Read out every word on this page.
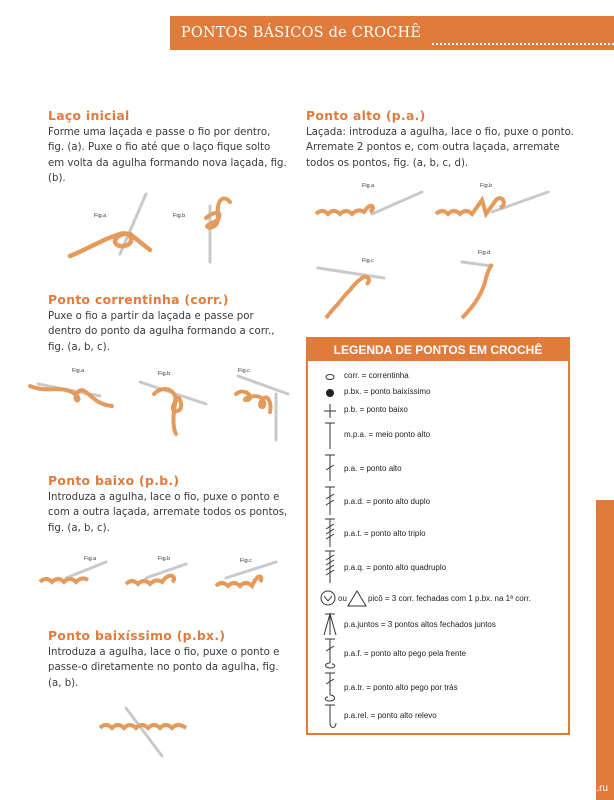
PONTOS BÁSICOS de CROCHÊ
Laço inicial

Forme uma laçada e passe o fio por dentro, fig. (a). Puxe o fio até que o laço fique solto em volta da agulha formando nova laçada, fig. (b).

Fig.a	Fig.b
Ponto correntinha (corr.)

Puxe o fio a partir da laçada e passe por dentro do ponto da agulha formando a corr., fig. (a, b, c).

Fig.a	Fig.b	Fig.c
Ponto baixo (p.b.)

Introduza a agulha, lace o fio, puxe o ponto e com a outra laçada, arremate todos os pontos, fig. (a, b, c).

Fig.a	Fig.b	Fig.c
Ponto baixíssimo (p.bx.)

Introduza a agulha, lace o fio, puxe o ponto e passe-o diretamente no ponto da agulha, fig. (a, b).

Ponto alto (p.a.)

Laçada: introduza a agulha, lace o fio, puxe o ponto. Arremate 2 pontos e, com outra laçada, arremate todos os pontos, fig. (a, b, c, d).

Fig.a	Fig.b
Fig.c
Fig.d
LEGENDA DE PONTOS EM CROCHÊ
corr. = correntinha
p.bx. = ponto baixíssimo
p.b. = ponto baixo
m.p.a. = meio ponto alto
p.a. = ponto alto
p.a.d. = ponto alto duplo
p.a.t. = ponto alto triplo
p.a.q. = ponto alto quadruplo
ou	picô = 3 corr. fechadas com 1 p.bx. na 1ª corr.
p.a.juntos = 3 pontos altos fechados juntos
p.a.f. = ponto alto pego pela frente
p.a.tr. = ponto alto pego por trás
p.a.rel. = ponto alto relevo
PassionForum.ru
